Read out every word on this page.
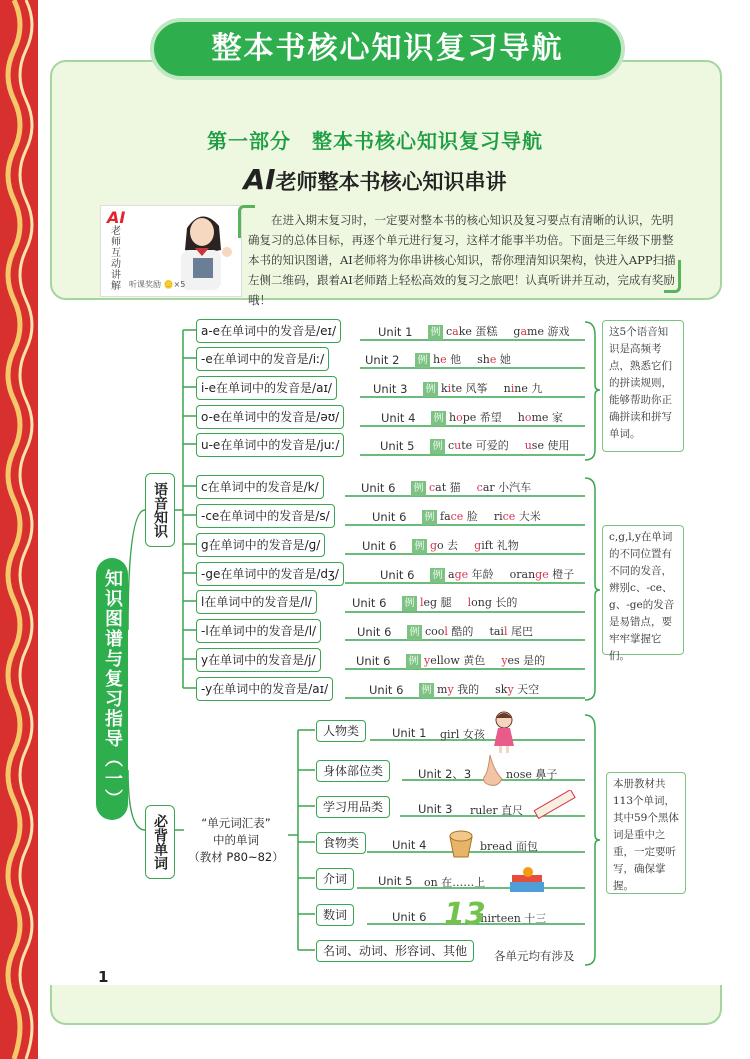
整本书核心知识复习导航
第一部分　整本书核心知识复习导航
AI老师整本书核心知识串讲
AI
老师互动讲解 听课奖励 🪙×5
在进入期末复习时，一定要对整本书的核心知识及复习要点有清晰的认识，先明确复习的总体目标，再逐个单元进行复习，这样才能事半功倍。下面是三年级下册整本书的知识图谱，AI老师将为你串讲核心知识，帮你理清知识架构，快进入APP扫描左侧二维码，跟着AI老师踏上轻松高效的复习之旅吧！认真听讲并互动，完成有奖励哦！
知识图谱与复习指导（一）
语音知识
必背单词
a-e在单词中的发音是/eɪ/	Unit 1 例 cake 蛋糕 game 游戏
-e在单词中的发音是/iː/	Unit 2 例 he 他 she 她
i-e在单词中的发音是/aɪ/	Unit 3 例 kite 风筝 nine 九
o-e在单词中的发音是/əʊ/	Unit 4 例 hope 希望 home 家
u-e在单词中的发音是/juː/	Unit 5 例 cute 可爱的 use 使用
c在单词中的发音是/k/	Unit 6 例 cat 猫 car 小汽车
-ce在单词中的发音是/s/	Unit 6 例 face 脸 rice 大米
g在单词中的发音是/ɡ/	Unit 6 例 go 去 gift 礼物
-ge在单词中的发音是/dʒ/	Unit 6 例 age 年龄 orange 橙子
l在单词中的发音是/l/	Unit 6 例 leg 腿 long 长的
-l在单词中的发音是/l/	Unit 6 例 cool 酷的 tail 尾巴
y在单词中的发音是/j/	Unit 6 例 yellow 黄色 yes 是的
-y在单词中的发音是/aɪ/	Unit 6 例 my 我的 sky 天空
这5个语音知识是高频考点，熟悉它们的拼读规则，能够帮助你正确拼读和拼写单词。
c,g,l,y在单词的不同位置有不同的发音，辨别c、-ce、g、-ge的发音是易错点，要牢牢掌握它们。
“单元词汇表”
中的单词
（教材 P80~82）
人物类	Unit 1 girl 女孩
身体部位类	Unit 2、3	nose 鼻子
学习用品类	Unit 3 ruler 直尺
食物类	Unit 4	bread 面包
介词	Unit 5 on 在……上
数词	Unit 6	thirteen 十三
名词、动词、形容词、其他	各单元均有涉及
13
本册教材共113个单词，其中59个黑体词是重中之重，一定要听写，确保掌握。
1
